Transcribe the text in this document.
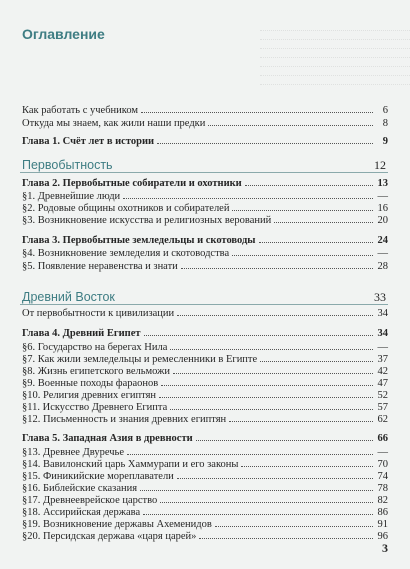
Оглавление
Как работать с учебником	6
Откуда мы знаем, как жили наши предки	8
Глава 1. Счёт лет в истории	9
Первобытность	12
Глава 2. Первобытные собиратели и охотники	13
§1. Древнейшие люди	—
§2. Родовые общины охотников и собирателей	16
§3. Возникновение искусства и религиозных верований	20
Глава 3. Первобытные земледельцы и скотоводы	24
§4. Возникновение земледелия и скотоводства	—
§5. Появление неравенства и знати	28
Древний Восток	33
От первобытности к цивилизации	34
Глава 4. Древний Египет	34
§6. Государство на берегах Нила	—
§7. Как жили земледельцы и ремесленники в Египте	37
§8. Жизнь египетского вельможи	42
§9. Военные походы фараонов	47
§10. Религия древних египтян	52
§11. Искусство Древнего Египта	57
§12. Письменность и знания древних египтян	62
Глава 5. Западная Азия в древности	66
§13. Древнее Двуречье	—
§14. Вавилонский царь Хаммурапи и его законы	70
§15. Финикийские мореплаватели	74
§16. Библейские сказания	78
§17. Древнееврейское царство	82
§18. Ассирийская держава	86
§19. Возникновение державы Ахеменидов	91
§20. Персидская держава «царя царей»	96
3
